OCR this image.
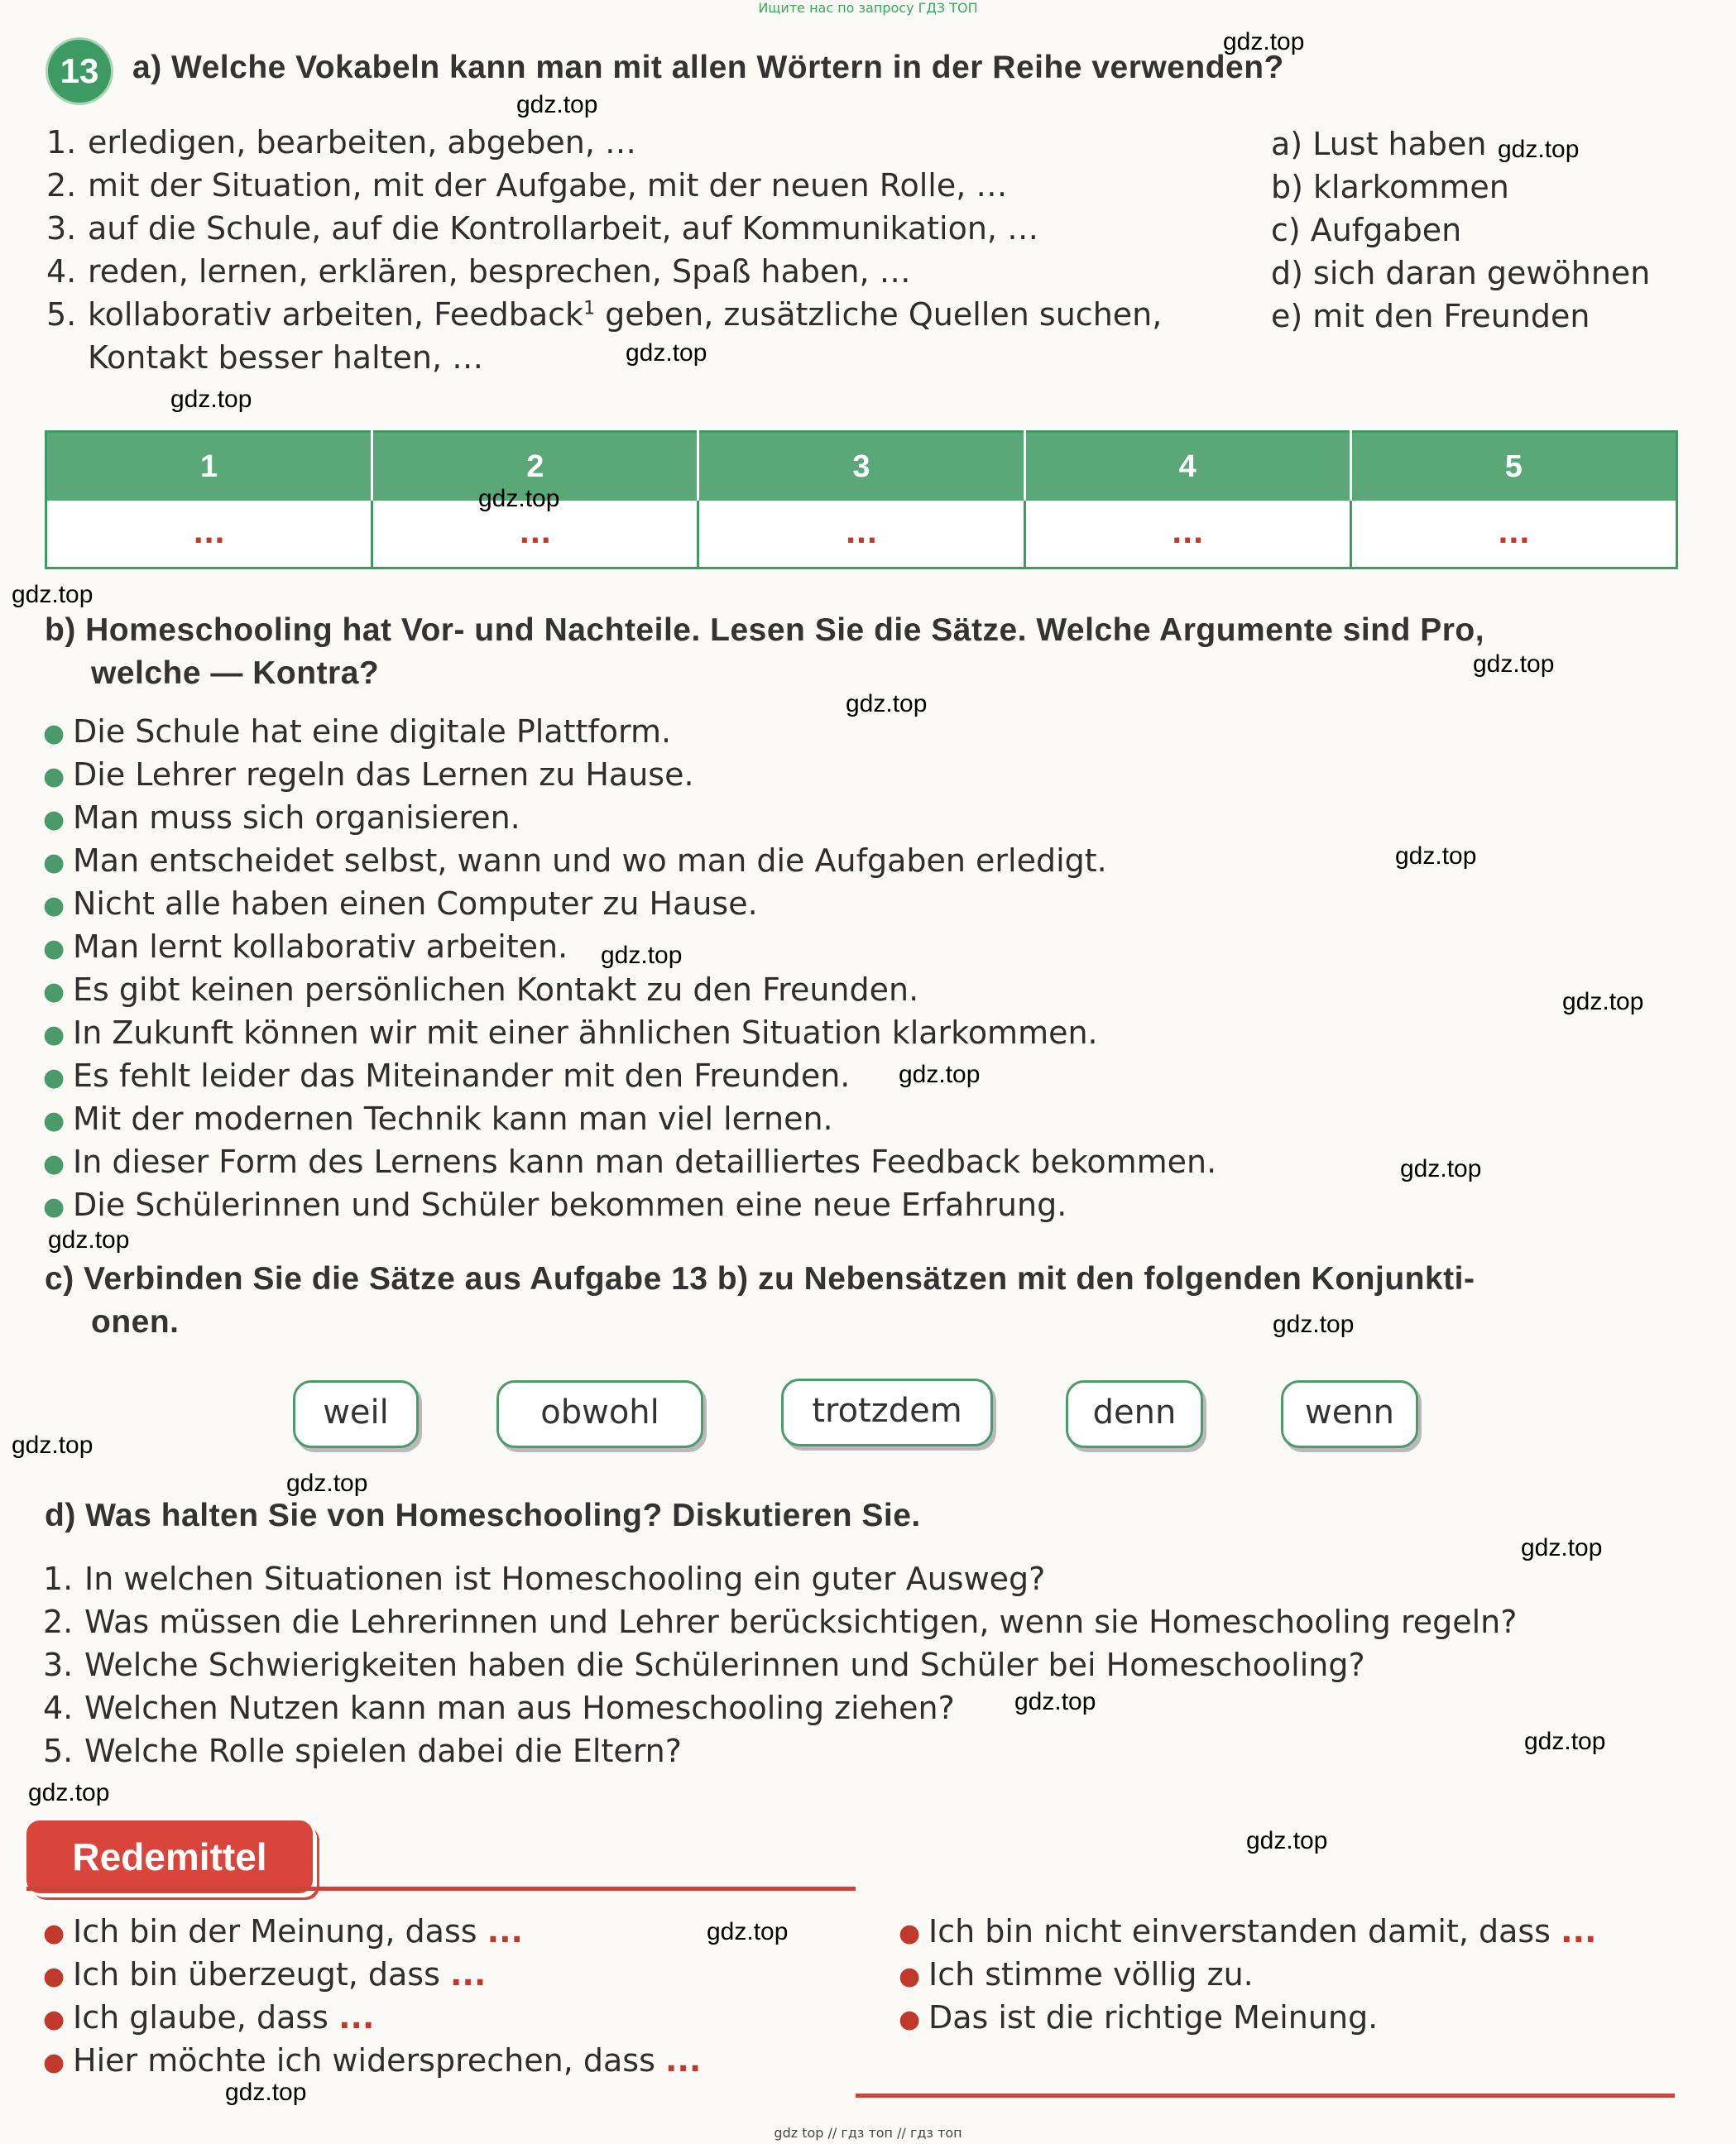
Ищите нас по запросу ГДЗ ТОП
13	a) Welche Vokabeln kann man mit allen Wörtern in der Reihe verwenden?
1. erledigen, bearbeiten, abgeben, …
2. mit der Situation, mit der Aufgabe, mit der neuen Rolle, …
3. auf die Schule, auf die Kontrollarbeit, auf Kommunikation, …
4. reden, lernen, erklären, besprechen, Spaß haben, …
5. kollaborativ arbeiten, Feedback$^1$ geben, zusätzliche Quellen suchen,
Kontakt besser halten, …
a) Lust haben
b) klarkommen
c) Aufgaben
d) sich daran gewöhnen
e) mit den Freunden
1	2	3	4	5
...	...	...	...	...
b) Homeschooling hat Vor- und Nachteile. Lesen Sie die Sätze. Welche Argumente sind Pro,
welche — Kontra?
● Die Schule hat eine digitale Plattform.
● Die Lehrer regeln das Lernen zu Hause.
● Man muss sich organisieren.
● Man entscheidet selbst, wann und wo man die Aufgaben erledigt.
● Nicht alle haben einen Computer zu Hause.
● Man lernt kollaborativ arbeiten.
● Es gibt keinen persönlichen Kontakt zu den Freunden.
● In Zukunft können wir mit einer ähnlichen Situation klarkommen.
● Es fehlt leider das Miteinander mit den Freunden.
● Mit der modernen Technik kann man viel lernen.
● In dieser Form des Lernens kann man detailliertes Feedback bekommen.
● Die Schülerinnen und Schüler bekommen eine neue Erfahrung.
c) Verbinden Sie die Sätze aus Aufgabe 13 b) zu Nebensätzen mit den folgenden Konjunkti-
onen.
weil	obwohl	trotzdem	denn	wenn
d) Was halten Sie von Homeschooling? Diskutieren Sie.
1. In welchen Situationen ist Homeschooling ein guter Ausweg?
2. Was müssen die Lehrerinnen und Lehrer berücksichtigen, wenn sie Homeschooling regeln?
3. Welche Schwierigkeiten haben die Schülerinnen und Schüler bei Homeschooling?
4. Welchen Nutzen kann man aus Homeschooling ziehen?
5. Welche Rolle spielen dabei die Eltern?
Redemittel
● Ich bin der Meinung, dass ...
● Ich bin überzeugt, dass ...
● Ich glaube, dass ...
● Hier möchte ich widersprechen, dass ...
● Ich bin nicht einverstanden damit, dass ...
● Ich stimme völlig zu.
● Das ist die richtige Meinung.
gdz.top
gdz.top
gdz.top
gdz.top
gdz.top
gdz.top
gdz.top
gdz.top
gdz.top
gdz.top
gdz.top
gdz.top
gdz.top
gdz.top
gdz.top
gdz.top
gdz.top
gdz.top
gdz.top
gdz.top
gdz.top
gdz.top
gdz.top
gdz.top
gdz.top
gdz top // гдз топ // гдз топ
